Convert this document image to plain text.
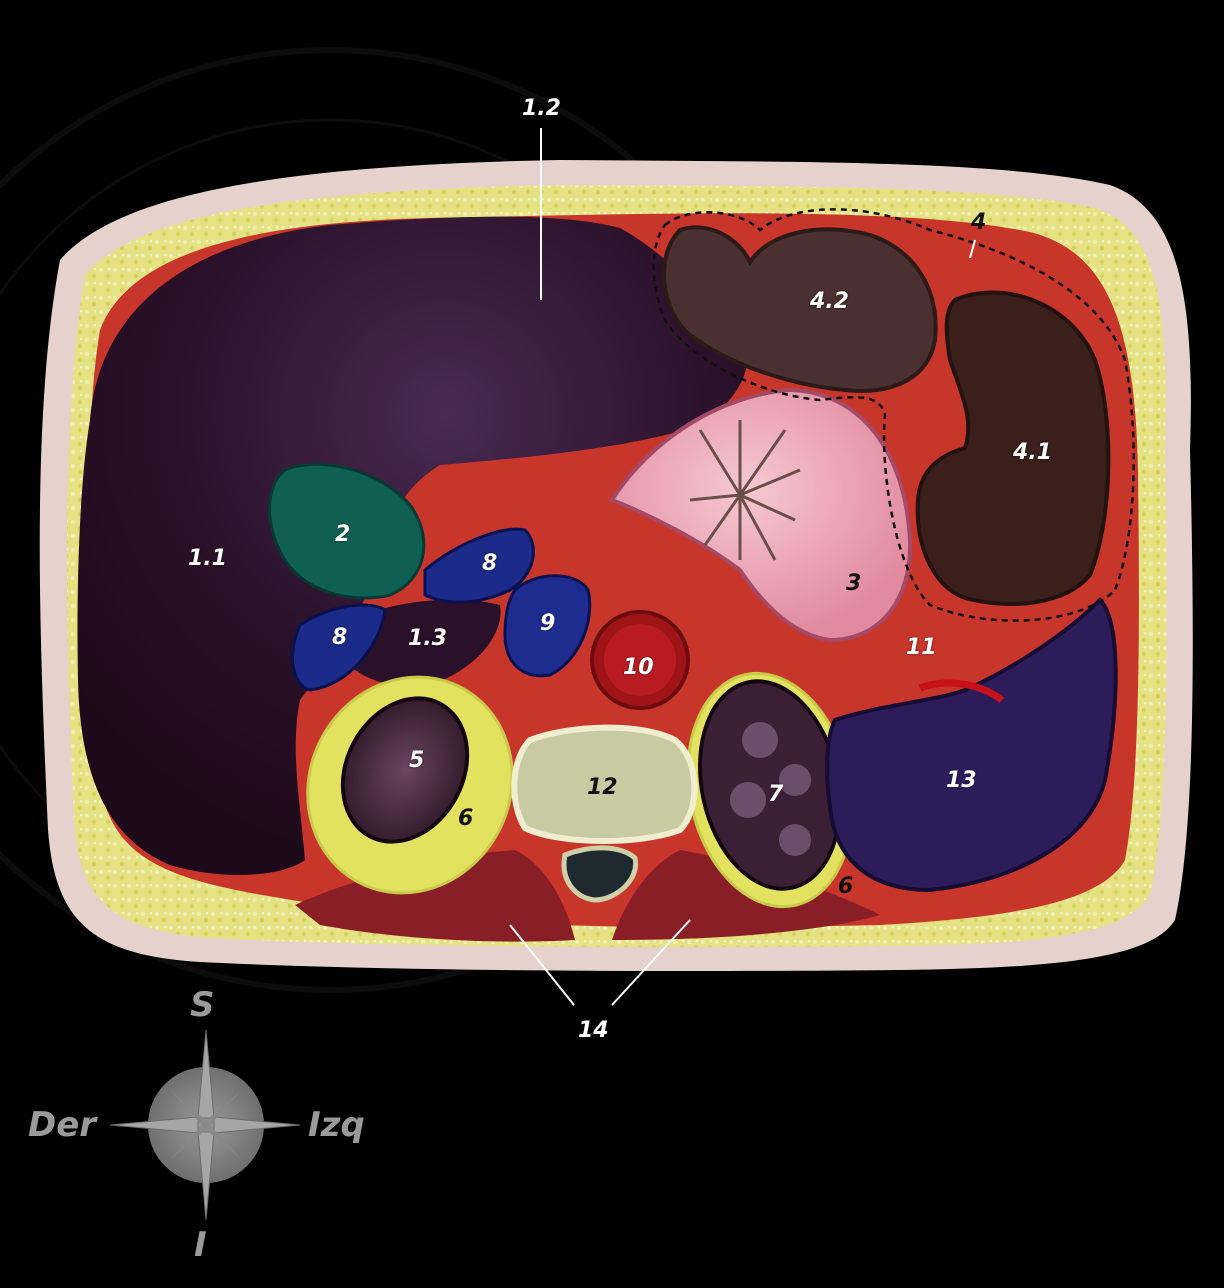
1.2
1.1
1.3
2
3
4
4.1
4.2
5
6
6
7
8
8
9
10
11
12	13
14
S
I
Der	Izq
